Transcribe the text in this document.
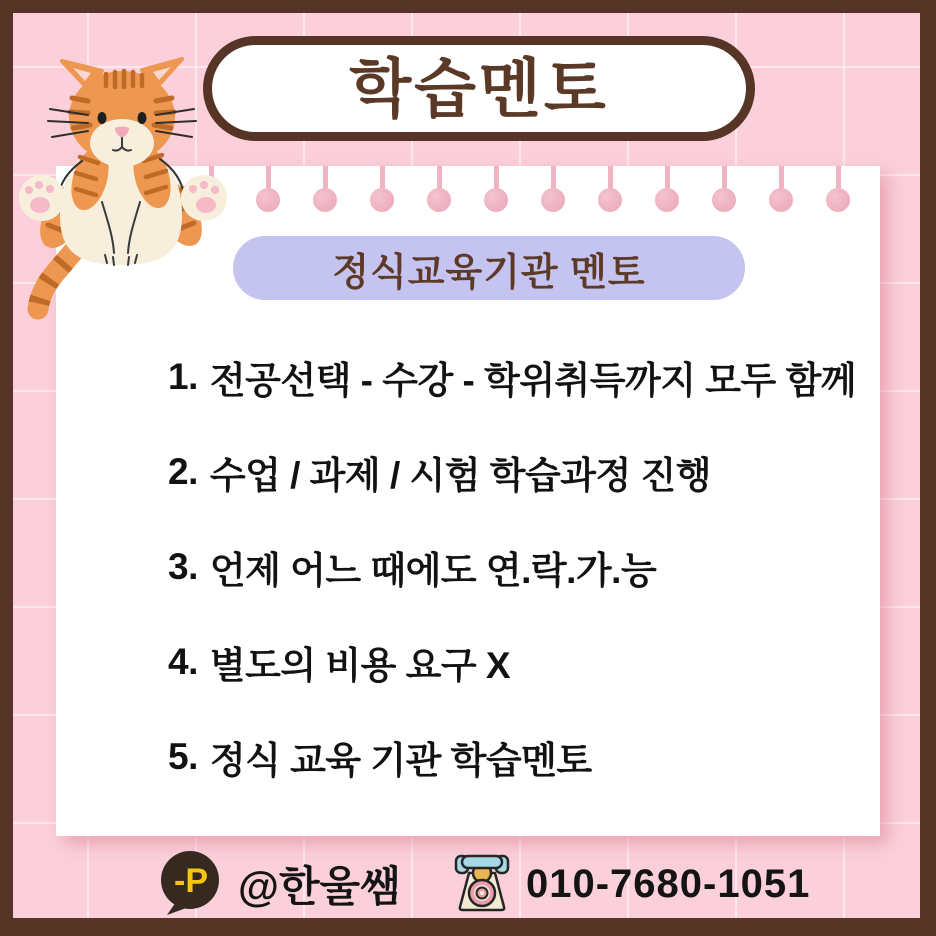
학습멘토
정식교육기관 멘토
1. 전공선택 - 수강 - 학위취득까지 모두 함께
2. 수업 / 과제 / 시험 학습과정 진행
3. 언제 어느 때에도 연.락.가.능
4. 별도의 비용 요구 X
5. 정식 교육 기관 학습멘토
-P @한울쌤	010-7680-1051
